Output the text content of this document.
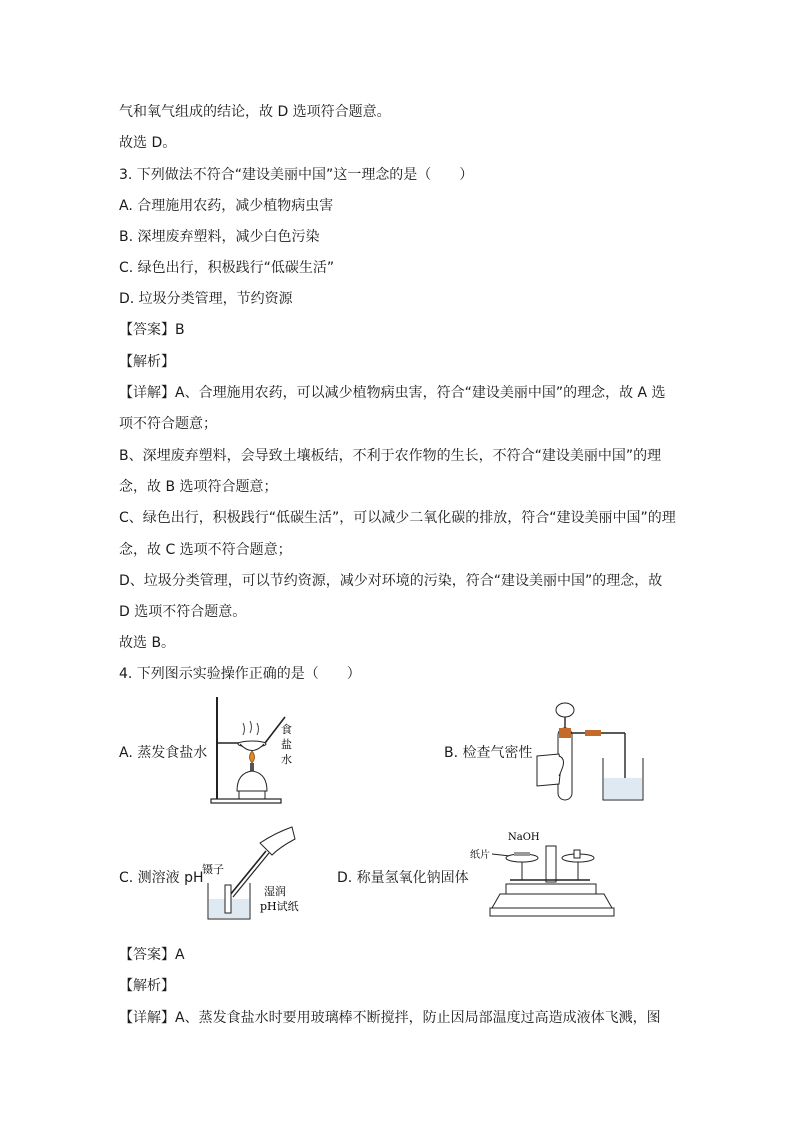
气和氧气组成的结论，故 D 选项符合题意。
故选 D。
3. 下列做法不符合“建设美丽中国”这一理念的是（　　）
A. 合理施用农药，减少植物病虫害
B. 深埋废弃塑料，减少白色污染
C. 绿色出行，积极践行“低碳生活”
D. 垃圾分类管理，节约资源
【答案】B
【解析】
【详解】A、合理施用农药，可以减少植物病虫害，符合“建设美丽中国”的理念，故 A 选
项不符合题意；
B、深埋废弃塑料，会导致土壤板结，不利于农作物的生长，不符合“建设美丽中国”的理
念，故 B 选项符合题意；
C、绿色出行，积极践行“低碳生活”，可以减少二氧化碳的排放，符合“建设美丽中国”的理
念，故 C 选项不符合题意；
D、垃圾分类管理，可以节约资源，减少对环境的污染，符合“建设美丽中国”的理念，故
D 选项不符合题意。
故选 B。
4. 下列图示实验操作正确的是（　　）
A. 蒸发食盐水	B. 检查气密性
C. 测溶液 pH	D. 称量氢氧化钠固体
食
盐
水
镊子
湿润
pH试纸
NaOH
纸片
【答案】A
【解析】
【详解】A、蒸发食盐水时要用玻璃棒不断搅拌，防止因局部温度过高造成液体飞溅，图
